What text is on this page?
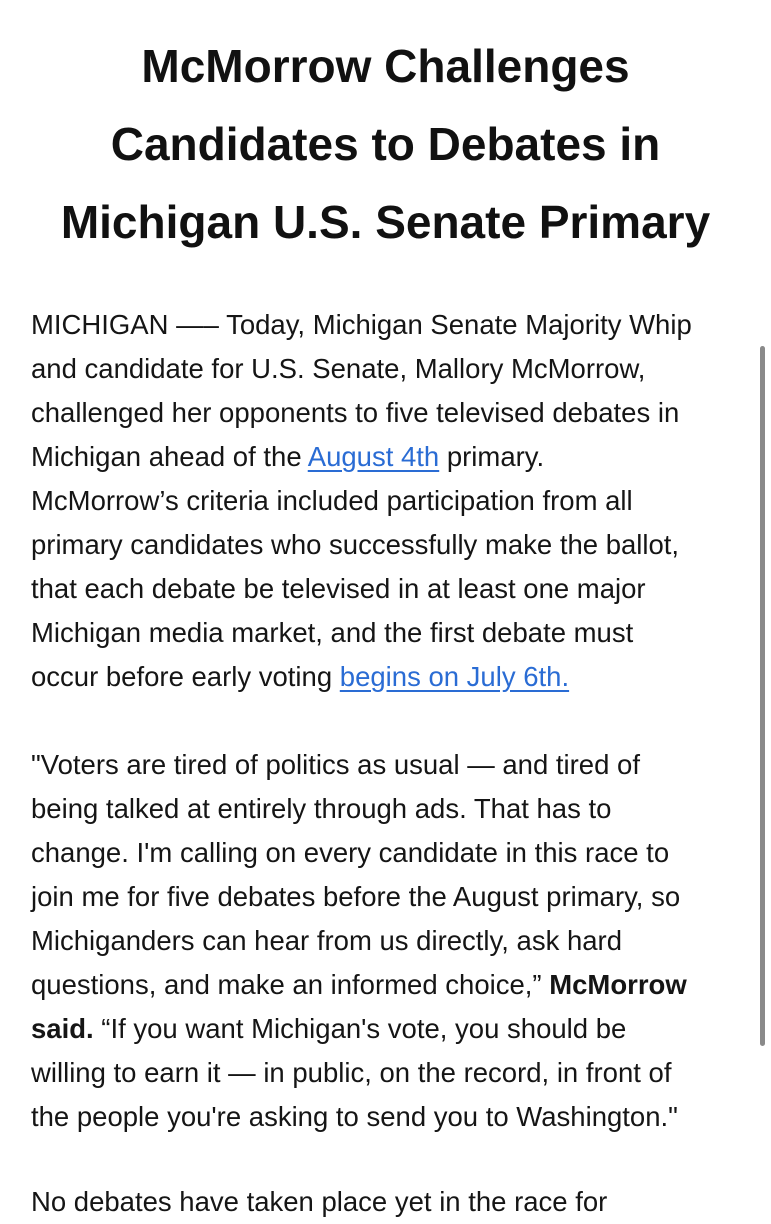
McMorrow Challenges
Candidates to Debates in
Michigan U.S. Senate Primary

MICHIGAN —– Today, Michigan Senate Majority Whip
and candidate for U.S. Senate, Mallory McMorrow,
challenged her opponents to five televised debates in
Michigan ahead of the August 4th primary.
McMorrow’s criteria included participation from all
primary candidates who successfully make the ballot,
that each debate be televised in at least one major
Michigan media market, and the first debate must
occur before early voting begins on July 6th.

"Voters are tired of politics as usual — and tired of
being talked at entirely through ads. That has to
change. I'm calling on every candidate in this race to
join me for five debates before the August primary, so
Michiganders can hear from us directly, ask hard
questions, and make an informed choice,” McMorrow
said. “If you want Michigan's vote, you should be
willing to earn it — in public, on the record, in front of
the people you're asking to send you to Washington."

No debates have taken place yet in the race for
